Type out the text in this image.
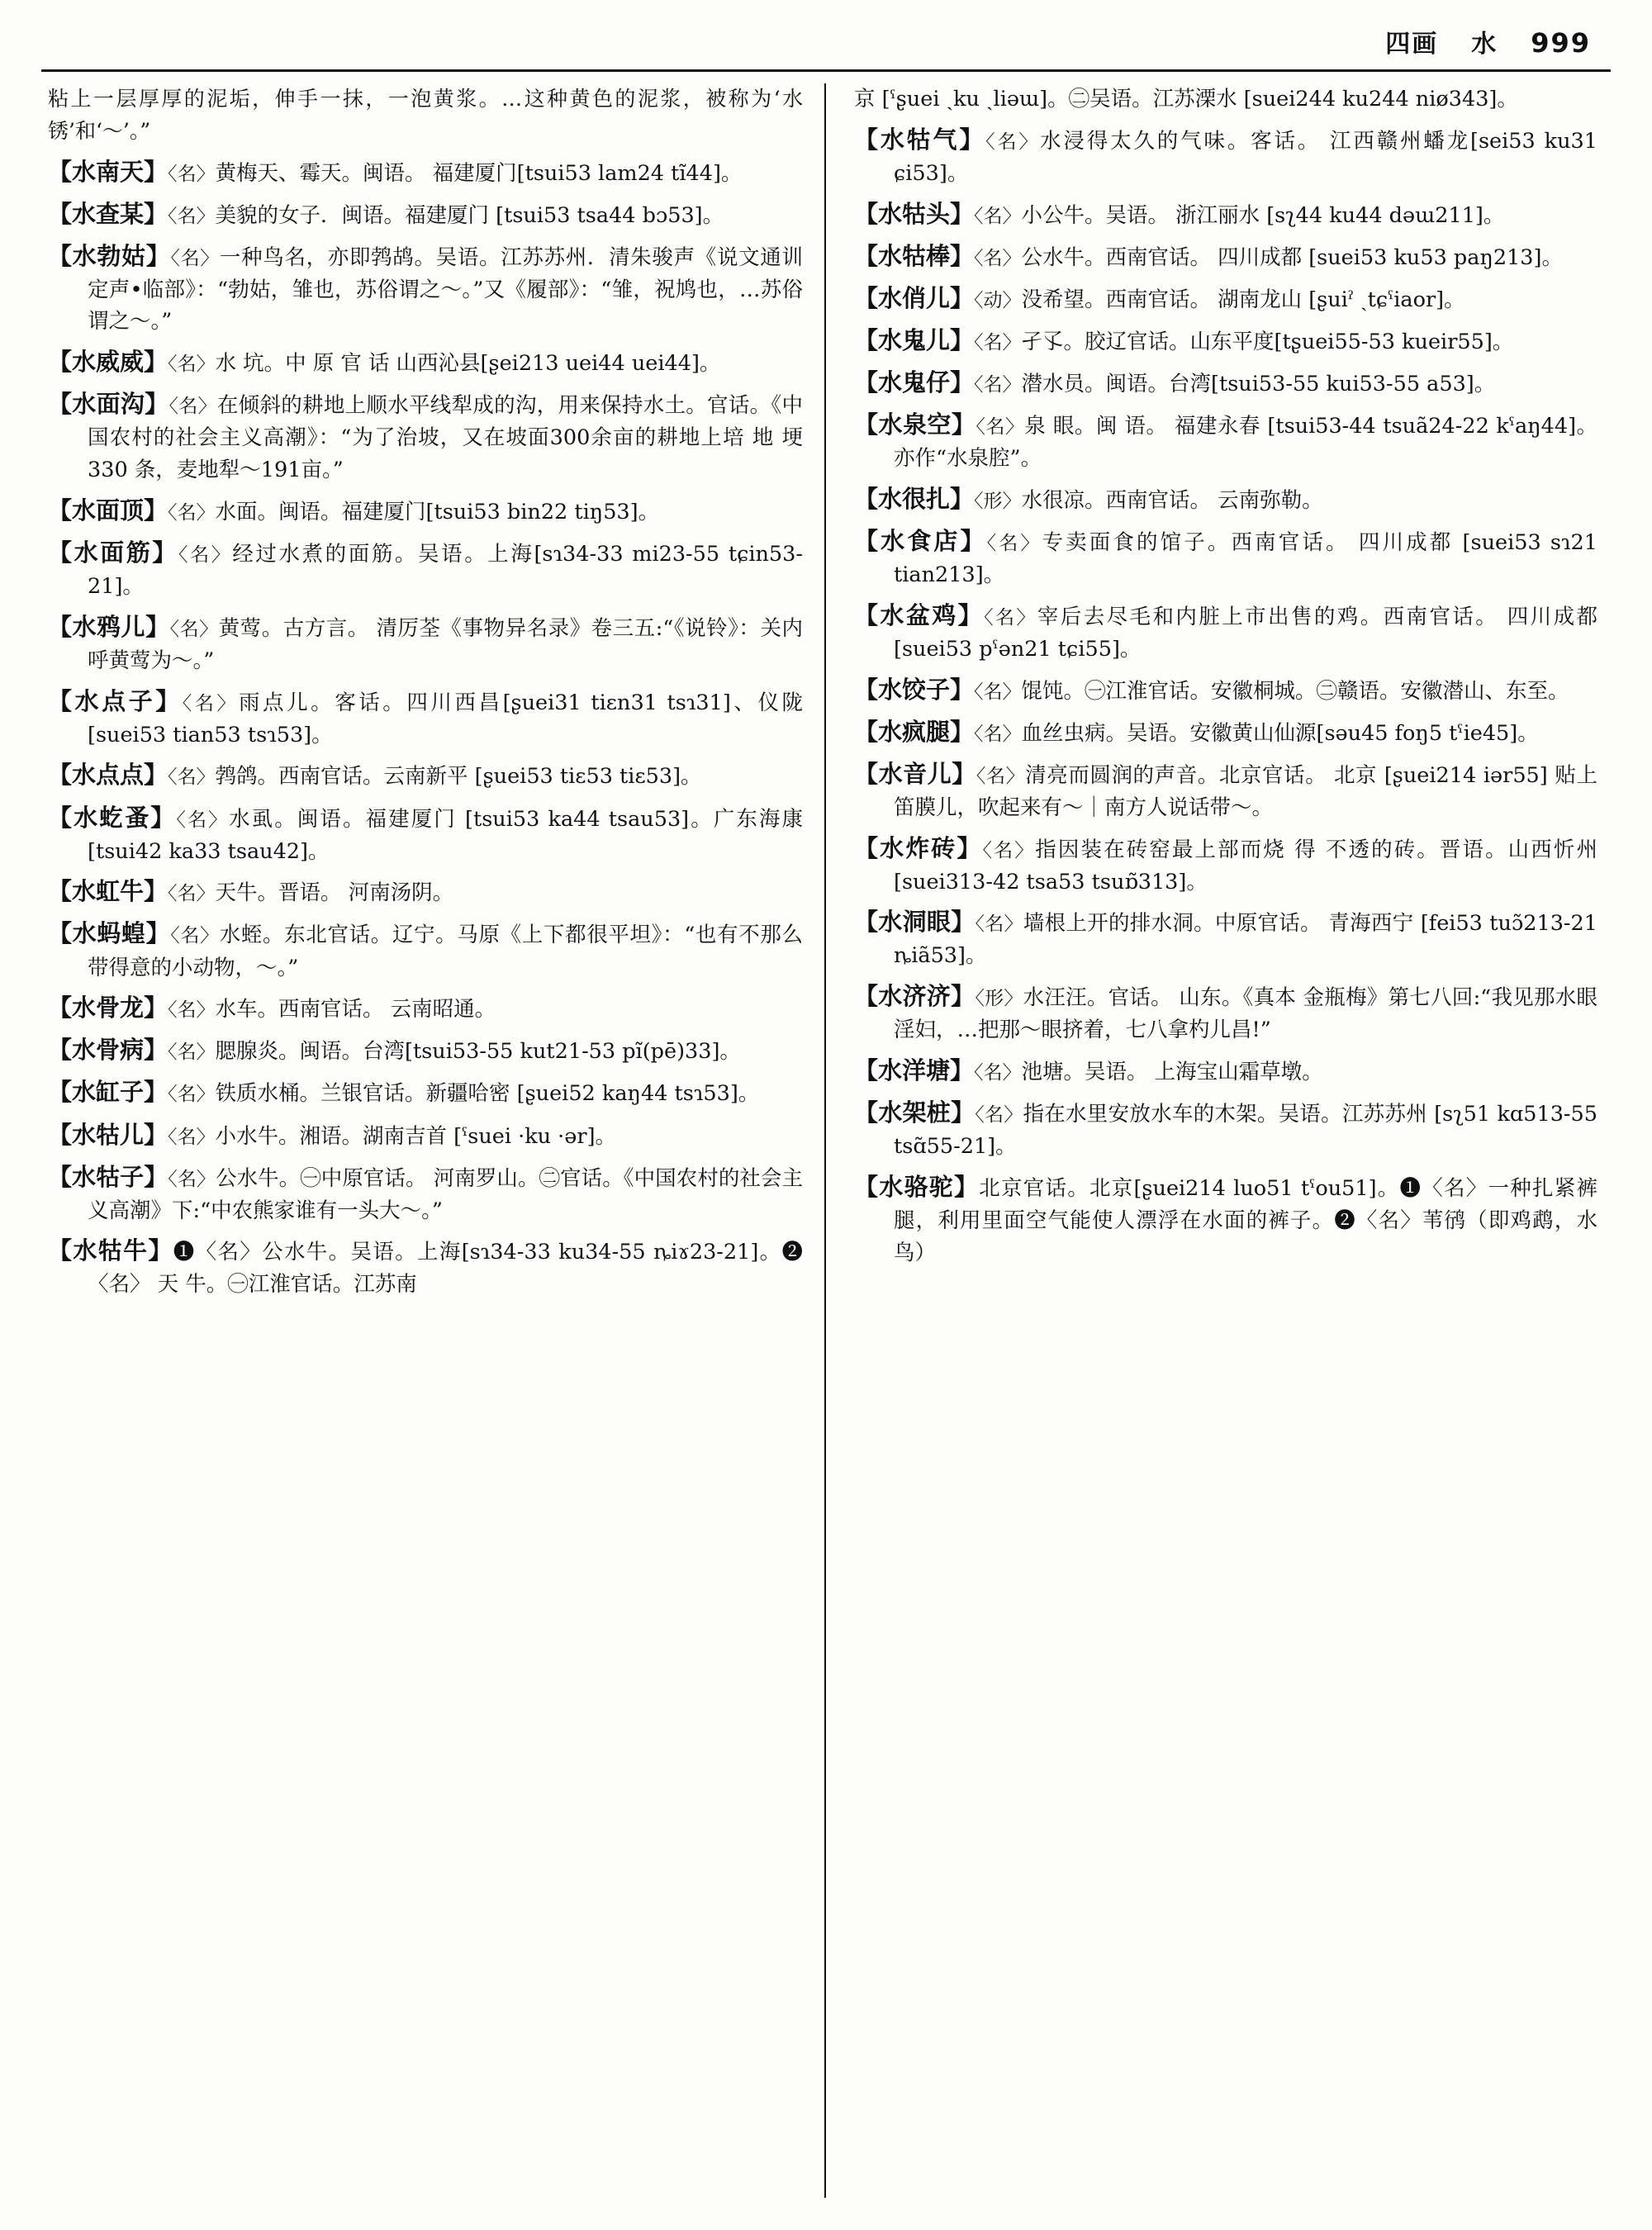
四画 水 999
粘上一层厚厚的泥垢，伸手一抹，一泡黄浆。…这种黄色的泥浆，被称为‘水锈’和‘～’。”
【水南天】〈名〉黄梅天、霉天。闽语。 福建厦门[tsui53 lam24 tĩ44]。
【水查某】〈名〉美貌的女子．闽语。福建厦门 [tsui53 tsa44 bɔ53]。
【水勃姑】〈名〉一种鸟名，亦即鹁鸪。吴语。江苏苏州．清朱骏声《说文通训定声•临部》：“勃姑，雏也，苏俗谓之～。”又《履部》：“雏，祝鸠也，…苏俗谓之～。”
【水威威】〈名〉水 坑。中 原 官 话 山西沁县[ʂei213 uei44 uei44]。
【水面沟】〈名〉在倾斜的耕地上顺水平线犁成的沟，用来保持水土。官话。《中国农村的社会主义高潮》：“为了治坡，又在坡面300余亩的耕地上培 地 埂 330 条，麦地犁～191亩。”
【水面顶】〈名〉水面。闽语。福建厦门[tsui53 bin22 tiŋ53]。
【水面筋】〈名〉经过水煮的面筋。吴语。上海[sɿ34-33 mi23-55 tɕin53-21]。
【水鸦儿】〈名〉黄莺。古方言。 清厉荃《事物异名录》卷三五:“《说铃》：关内呼黄莺为～。”
【水点子】〈名〉雨点儿。客话。四川西昌[ʂuei31 tiɛn31 tsɿ31]、仪陇 [suei53 tian53 tsɿ53]。
【水点点】〈名〉鹁鸽。西南官话。云南新平 [ʂuei53 tiɛ53 tiɛ53]。
【水虼蚤】〈名〉水虱。闽语。福建厦门 [tsui53 ka44 tsau53]。广东海康 [tsui42 ka33 tsau42]。
【水虹牛】〈名〉天牛。晋语。 河南汤阴。
【水蚂蝗】〈名〉水蛭。东北官话。辽宁。马原《上下都很平坦》：“也有不那么带得意的小动物，～。”
【水骨龙】〈名〉水车。西南官话。 云南昭通。
【水骨病】〈名〉腮腺炎。闽语。台湾[tsui53-55 kut21-53 pĩ(pē)33]。
【水缸子】〈名〉铁质水桶。兰银官话。新疆哈密 [ʂuei52 kaŋ44 tsɿ53]。
【水牯儿】〈名〉小水牛。湘语。湖南吉首 [ˁsuei ·ku ·ər]。
【水牯子】〈名〉公水牛。㊀中原官话。 河南罗山。㊁官话。《中国农村的社会主义高潮》下:“中农熊家谁有一头大～。”
【水牯牛】❶〈名〉公水牛。吴语。上海[sɿ34-33 ku34-55 ȵiɤ23-21]。❷ 〈名〉 天 牛。㊀江淮官话。江苏南
京 [ˁʂuei ˏku ˏliəɯ]。㊁吴语。江苏溧水 [suei244 ku244 niø343]。
【水牯气】〈名〉水浸得太久的气味。客话。 江西赣州蟠龙[sei53 ku31 ɕi53]。
【水牯头】〈名〉小公牛。吴语。 浙江丽水 [sʅ44 ku44 dəɯ211]。
【水牯棒】〈名〉公水牛。西南官话。 四川成都 [suei53 ku53 paŋ213]。
【水俏儿】〈动〉没希望。西南官话。 湖南龙山 [ʂuiˀ ˏtɕˁiaor]。
【水鬼儿】〈名〉孑孓。胶辽官话。山东平度[tʂuei55-53 kueir55]。
【水鬼仔】〈名〉潜水员。闽语。台湾[tsui53-55 kui53-55 a53]。
【水泉空】〈名〉泉 眼。闽 语。 福建永春 [tsui53-44 tsuã24-22 kˁaŋ44]。亦作“水泉腔”。
【水很扎】〈形〉水很凉。西南官话。 云南弥勒。
【水食店】〈名〉专卖面食的馆子。西南官话。 四川成都 [suei53 sɿ21 tian213]。
【水盆鸡】〈名〉宰后去尽毛和内脏上市出售的鸡。西南官话。 四川成都 [suei53 pˁən21 tɕi55]。
【水饺子】〈名〉馄饨。㊀江淮官话。安徽桐城。㊁赣语。安徽潜山、东至。
【水疯腿】〈名〉血丝虫病。吴语。安徽黄山仙源[səu45 foŋ5 tˁie45]。
【水音儿】〈名〉清亮而圆润的声音。北京官话。 北京 [ʂuei214 iər55] 贴上笛膜儿，吹起来有～｜南方人说话带～。
【水炸砖】〈名〉指因装在砖窑最上部而烧 得 不透的砖。晋语。山西忻州 [suei313-42 tsa53 tsuɒ̃313]。
【水洞眼】〈名〉墙根上开的排水洞。中原官话。 青海西宁 [fei53 tuɔ̃213-21 ȵiã53]。
【水济济】〈形〉水汪汪。官话。 山东。《真本 金瓶梅》第七八回:“我见那水眼淫妇，…把那～眼挤着，七八拿杓儿昌!”
【水洋塘】〈名〉池塘。吴语。 上海宝山霜草墩。
【水架桩】〈名〉指在水里安放水车的木架。吴语。江苏苏州 [sʅ51 kɑ513-55 tsɑ̃55-21]。
【水骆驼】北京官话。北京[ʂuei214 luo51 tˁou51]。❶〈名〉一种扎紧裤腿，利用里面空气能使人漂浮在水面的裤子。❷〈名〉苇鸻（即鸡鹉，水鸟）
